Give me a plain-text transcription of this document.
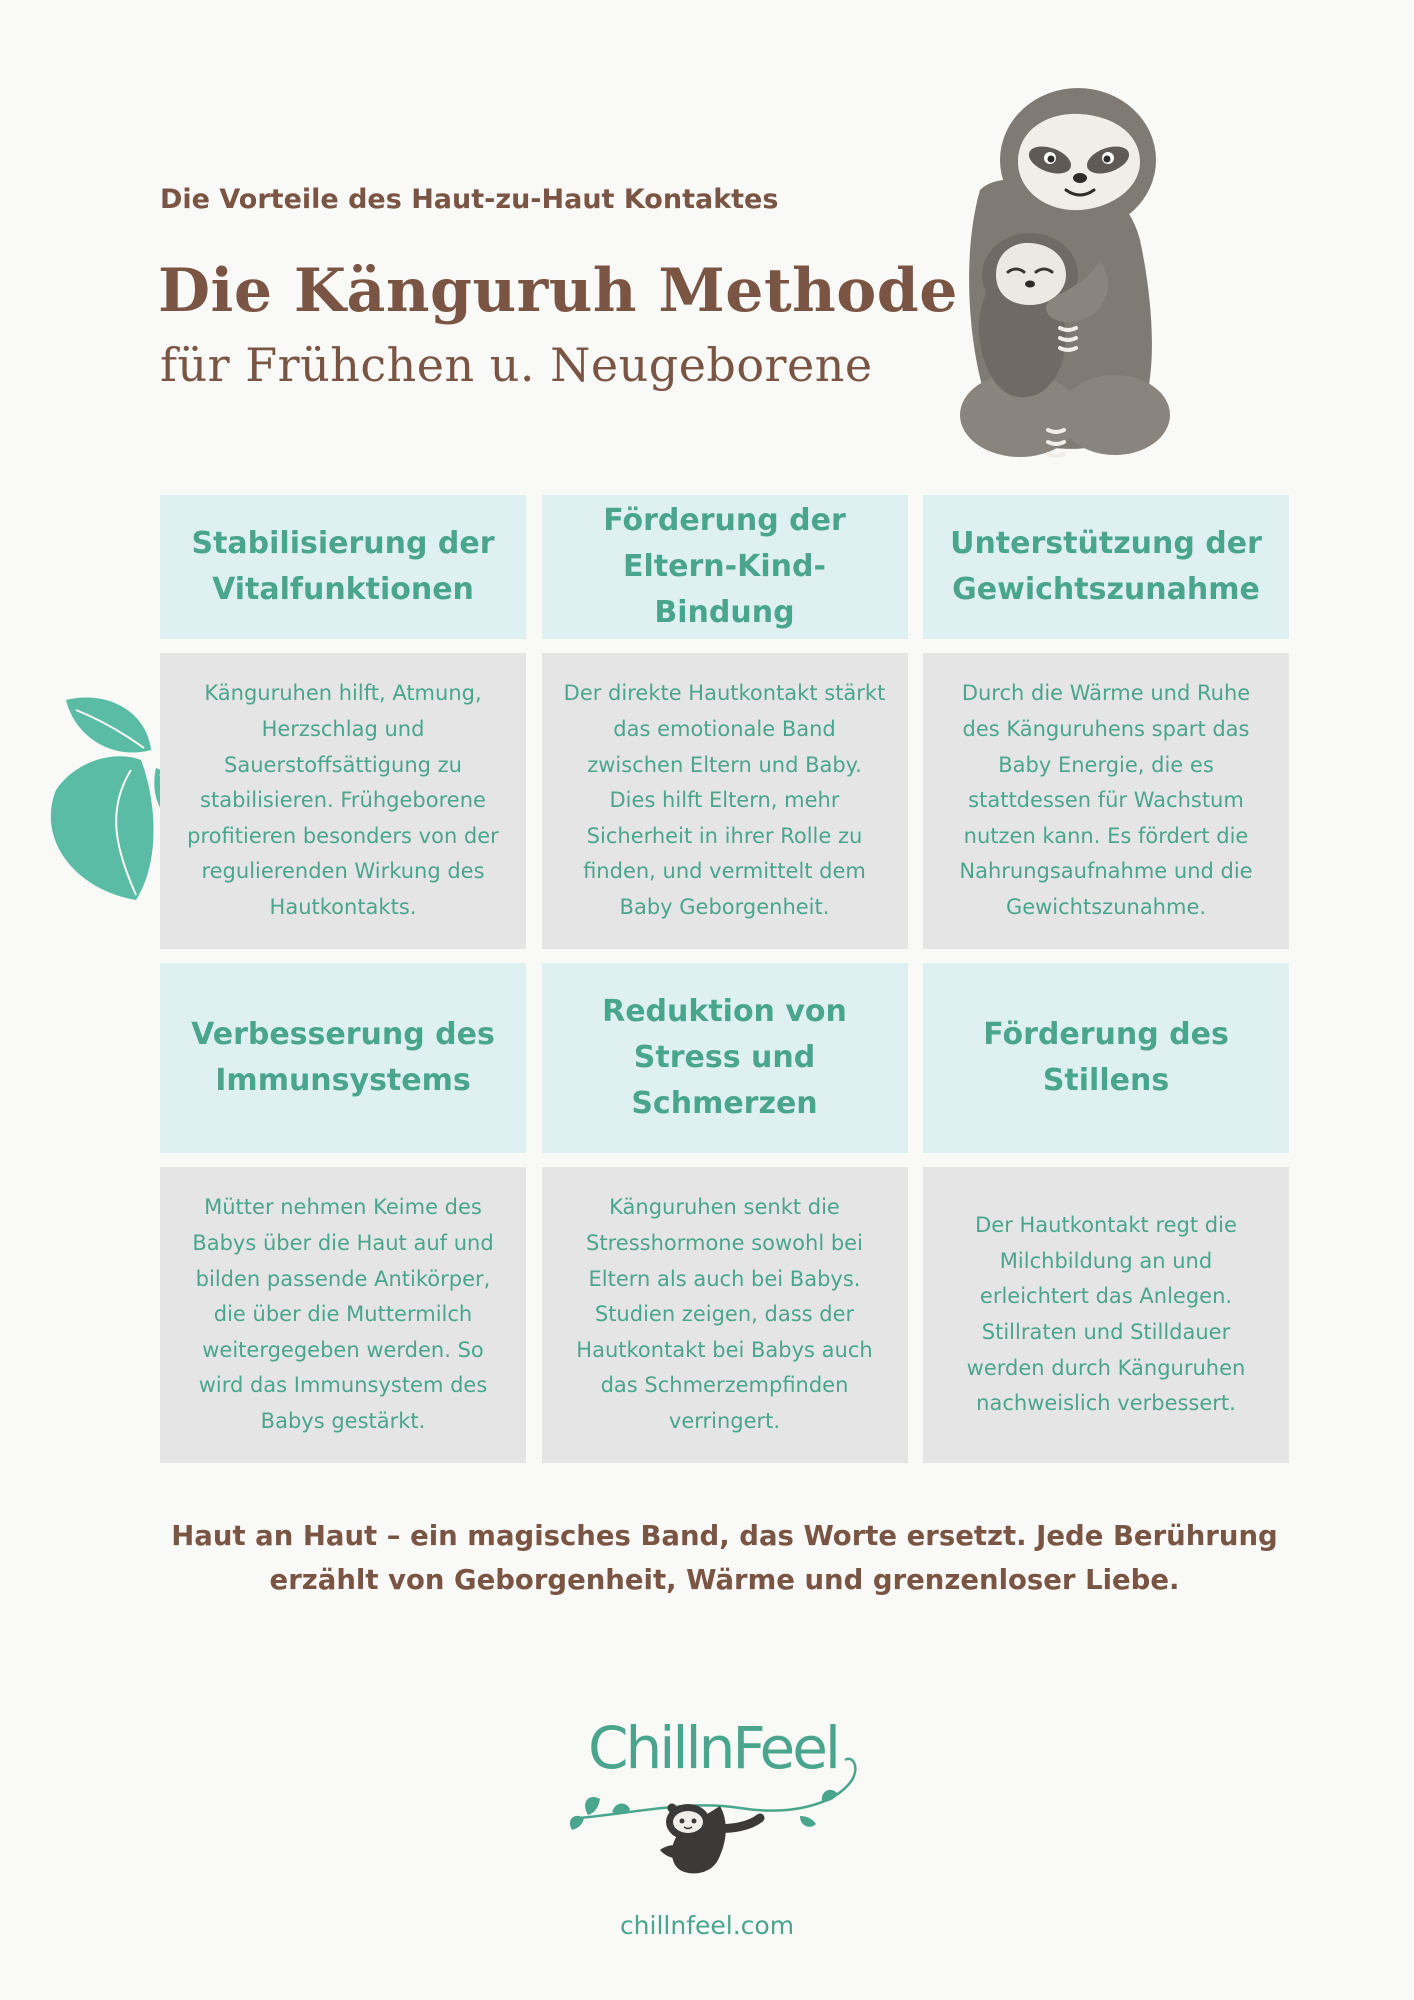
Die Vorteile des Haut-zu-Haut Kontaktes

Die Känguruh Methode
für Frühchen u. Neugeborene
Stabilisierung der Vitalfunktionen
Förderung der Eltern-Kind-Bindung
Unterstützung der Gewichtszunahme
Känguruhen hilft, Atmung, Herzschlag und Sauerstoffsättigung zu stabilisieren. Frühgeborene profitieren besonders von der regulierenden Wirkung des Hautkontakts.
Der direkte Hautkontakt stärkt das emotionale Band zwischen Eltern und Baby. Dies hilft Eltern, mehr Sicherheit in ihrer Rolle zu finden, und vermittelt dem Baby Geborgenheit.
Durch die Wärme und Ruhe des Känguruhens spart das Baby Energie, die es stattdessen für Wachstum nutzen kann. Es fördert die Nahrungsaufnahme und die Gewichtszunahme.
Verbesserung des Immunsystems
Reduktion von Stress und Schmerzen
Förderung des Stillens
Mütter nehmen Keime des Babys über die Haut auf und bilden passende Antikörper, die über die Muttermilch weitergegeben werden. So wird das Immunsystem des Babys gestärkt.
Känguruhen senkt die Stresshormone sowohl bei Eltern als auch bei Babys. Studien zeigen, dass der Hautkontakt bei Babys auch das Schmerzempfinden verringert.
Der Hautkontakt regt die Milchbildung an und erleichtert das Anlegen. Stillraten und Stilldauer werden durch Känguruhen nachweislich verbessert.

Haut an Haut – ein magisches Band, das Worte ersetzt. Jede Berührung erzählt von Geborgenheit, Wärme und grenzenloser Liebe.

ChillnFeel

chillnfeel.com
